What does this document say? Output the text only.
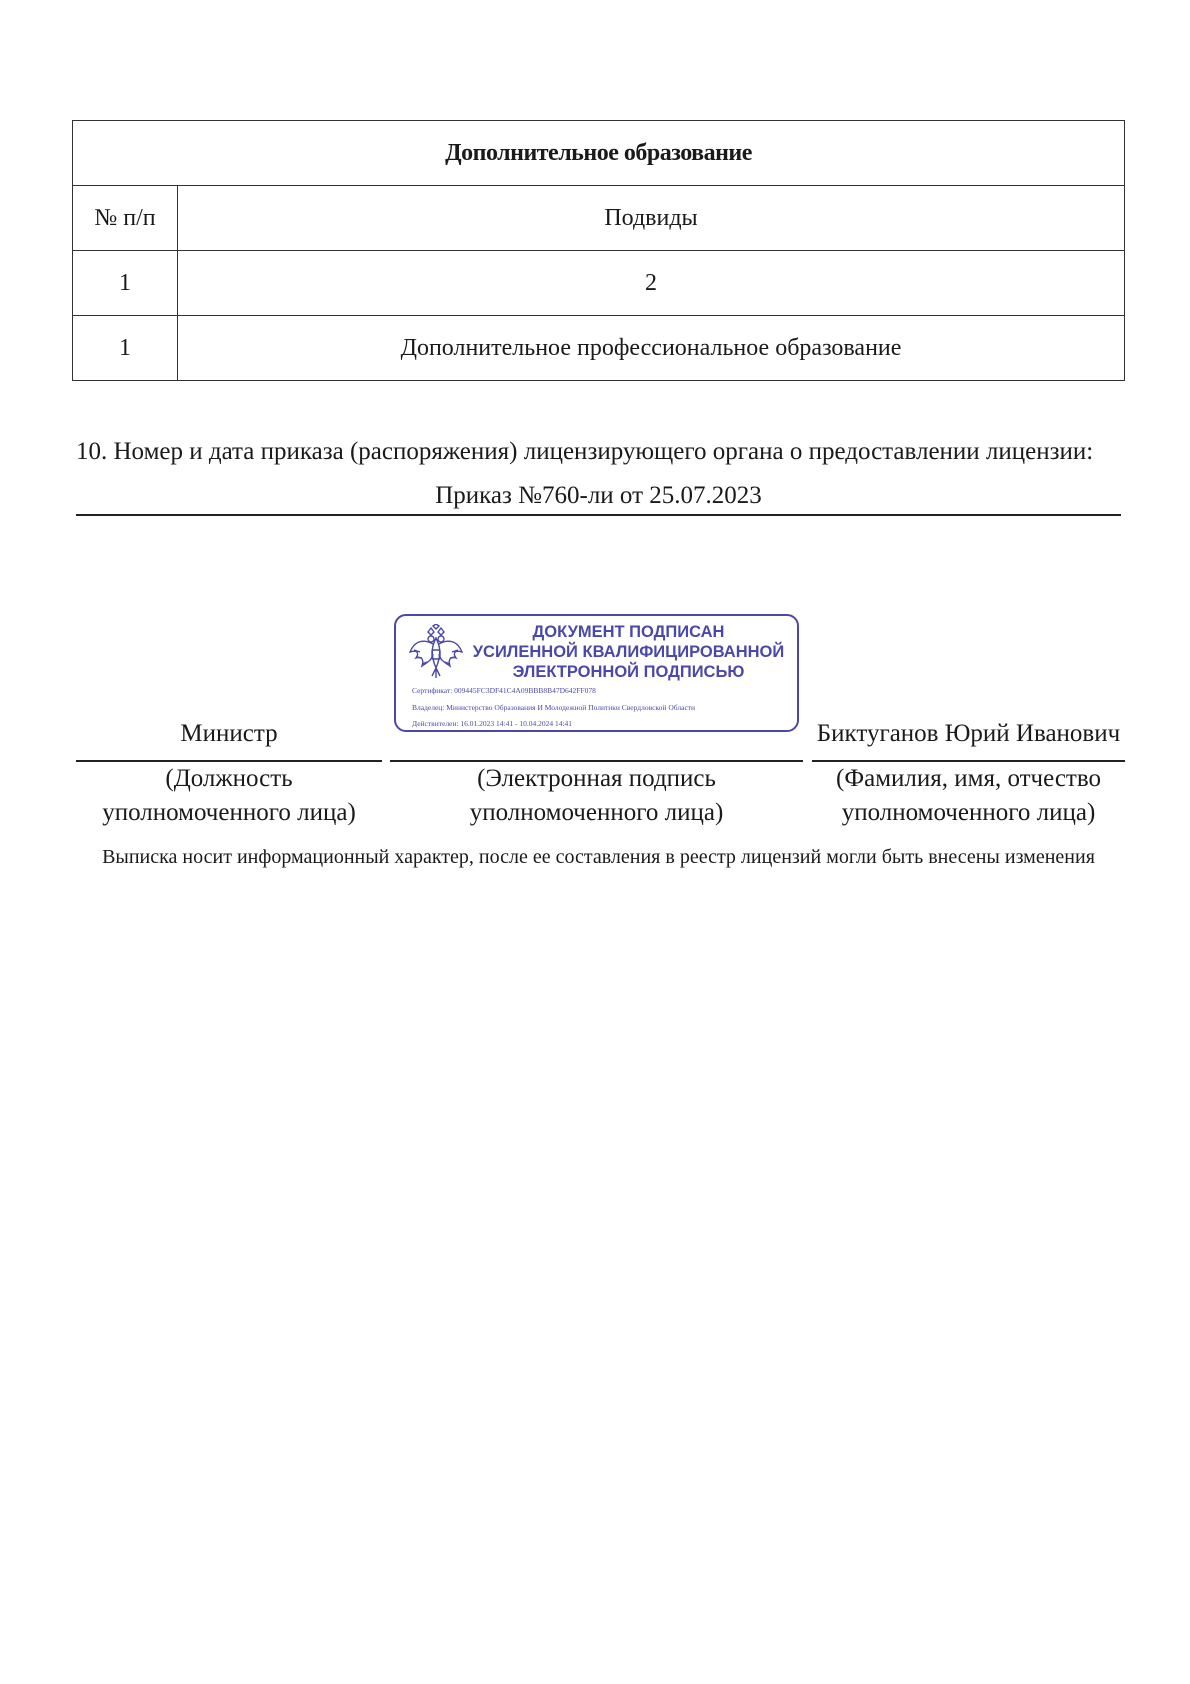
Дополнительное образование	
№ п/п	Подвиды
1	2
1	Дополнительное профессиональное образование
10. Номер и дата приказа (распоряжения) лицензирующего органа о предоставлении лицензии:
Приказ №760-ли от 25.07.2023
ДОКУМЕНТ ПОДПИСАН
УСИЛЕННОЙ КВАЛИФИЦИРОВАННОЙ
ЭЛЕКТРОННОЙ ПОДПИСЬЮ
Сертификат: 009445FC3DF41C4A09BBB8B47D642FF078
Владелец: Министерство Образования И Молодежной Политики Свердловской Области
Действителен: 16.01.2023 14:41 - 10.04.2024 14:41
Министр	Биктуганов Юрий Иванович
(Должность
уполномоченного лица)
(Электронная подпись
уполномоченного лица)
(Фамилия, имя, отчество
уполномоченного лица)
Выписка носит информационный характер, после ее составления в реестр лицензий могли быть внесены изменения
